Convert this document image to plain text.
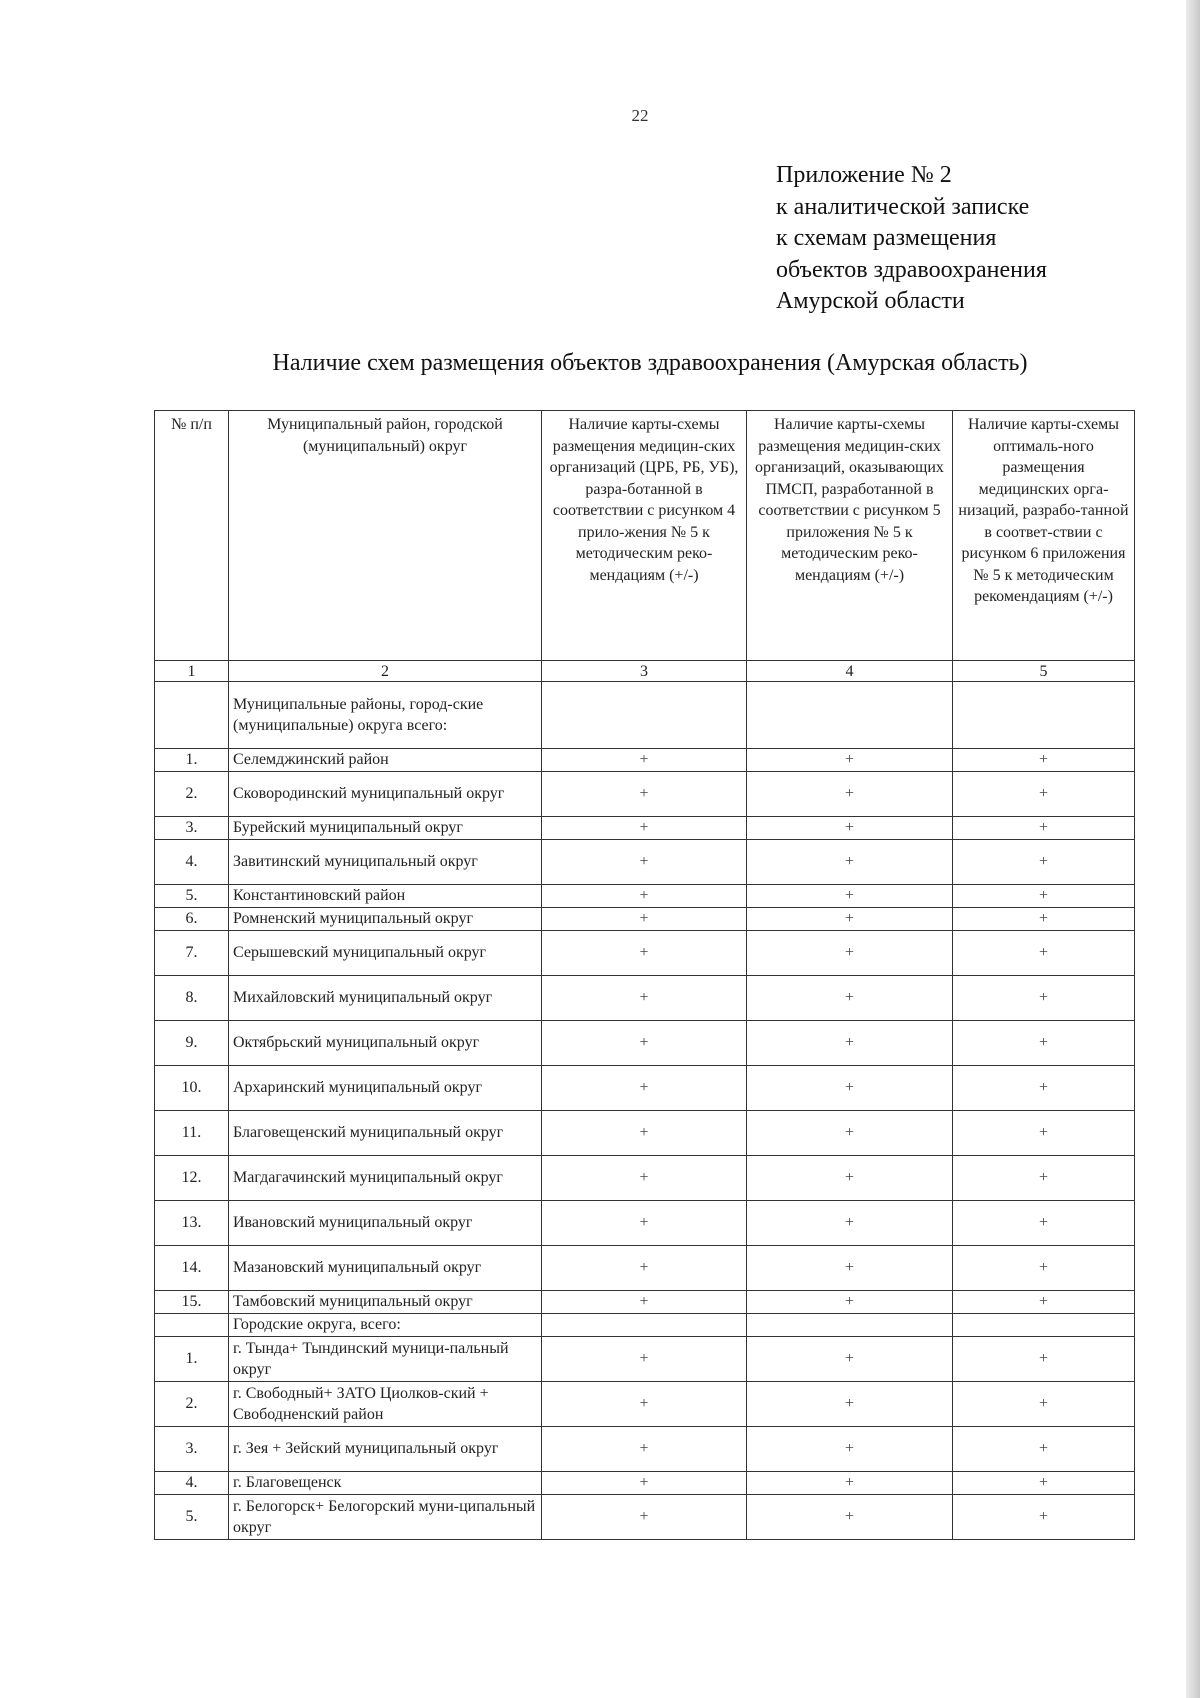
22
Приложение № 2
к аналитической записке
к схемам размещения
объектов здравоохранения
Амурской области
Наличие схем размещения объектов здравоохранения (Амурская область)
№ п/п	Муниципальный район, городской (муниципальный) округ	Наличие карты-схемы размещения медицин-ских организаций (ЦРБ, РБ, УБ), разра-ботанной в соответствии с рисунком 4 прило-жения № 5 к методическим реко-мендациям (+/-)	Наличие карты-схемы размещения медицин-ских организаций, оказывающих ПМСП, разработанной в соответствии с рисунком 5 приложения № 5 к методическим реко-мендациям (+/-)	Наличие карты-схемы оптималь-ного размещения медицинских орга-низаций, разрабо-танной в соответ-ствии с рисунком 6 приложения № 5 к методическим рекомендациям (+/-)
1	2	3	4	5
	Муниципальные районы, город-ские (муниципальные) округа всего:			
1.	Селемджинский район	+	+	+
2.	Сковородинский муниципальный округ	+	+	+
3.	Бурейский муниципальный округ	+	+	+
4.	Завитинский муниципальный округ	+	+	+
5.	Константиновский район	+	+	+
6.	Ромненский муниципальный округ	+	+	+
7.	Серышевский муниципальный округ	+	+	+
8.	Михайловский муниципальный округ	+	+	+
9.	Октябрьский муниципальный округ	+	+	+
10.	Архаринский муниципальный округ	+	+	+
11.	Благовещенский муниципальный округ	+	+	+
12.	Магдагачинский муниципальный округ	+	+	+
13.	Ивановский муниципальный округ	+	+	+
14.	Мазановский муниципальный округ	+	+	+
15.	Тамбовский муниципальный округ	+	+	+
	Городские округа, всего:			
1.	г. Тында+ Тындинский муници-пальный округ	+	+	+
2.	г. Свободный+ ЗАТО Циолков-ский + Свободненский район	+	+	+
3.	г. Зея + Зейский муниципальный округ	+	+	+
4.	г. Благовещенск	+	+	+
5.	г. Белогорск+ Белогорский муни-ципальный округ	+	+	+
